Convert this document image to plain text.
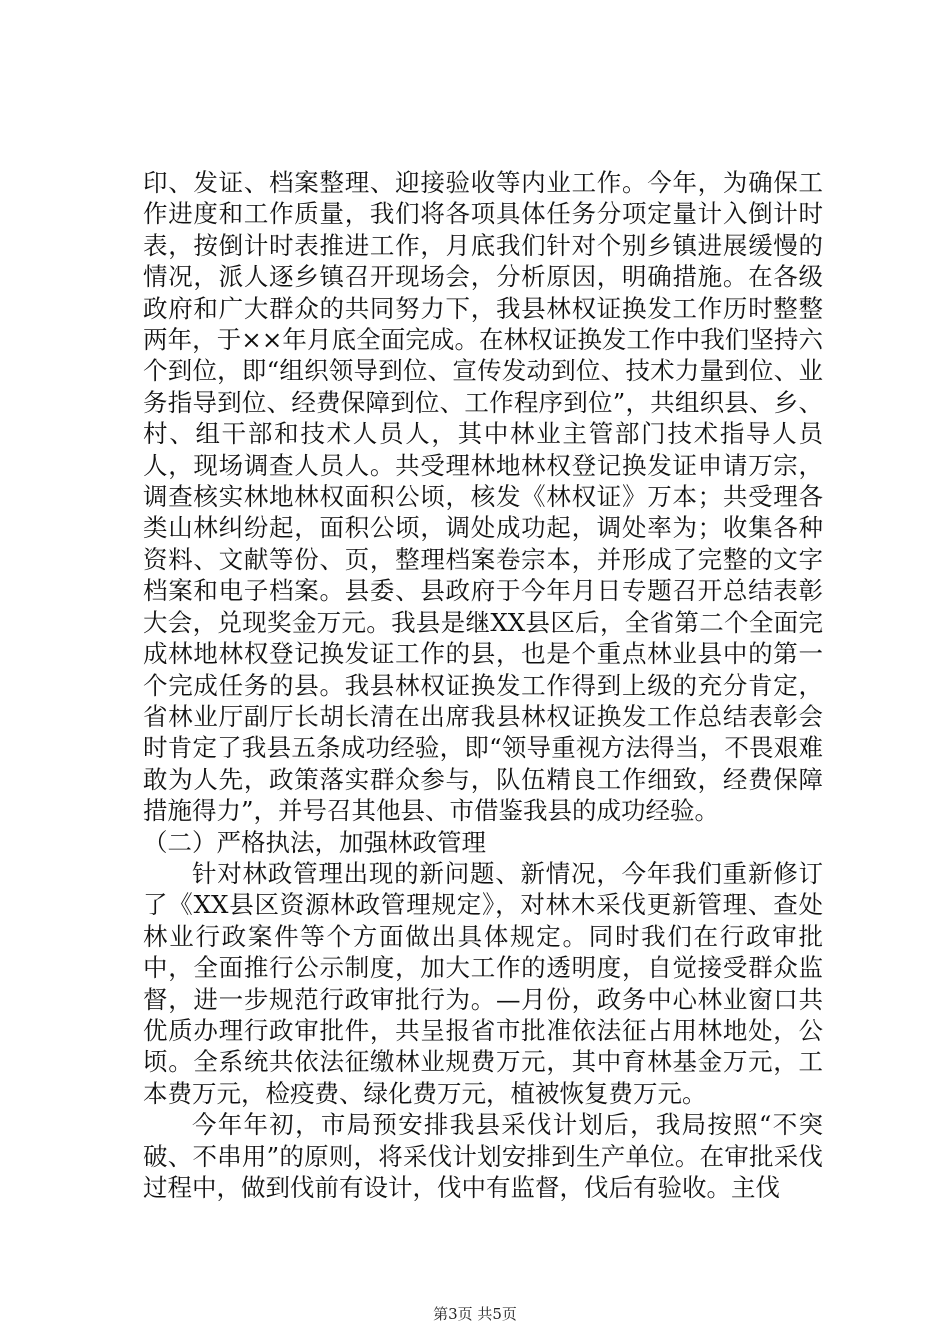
印、发证、档案整理、迎接验收等内业工作。今年，为确保工作进度和工作质量，我们将各项具体任务分项定量计入倒计时表，按倒计时表推进工作，月底我们针对个别乡镇进展缓慢的情况，派人逐乡镇召开现场会，分析原因，明确措施。在各级政府和广大群众的共同努力下，我县林权证换发工作历时整整两年，于××年月底全面完成。在林权证换发工作中我们坚持六个到位，即“组织领导到位、宣传发动到位、技术力量到位、业务指导到位、经费保障到位、工作程序到位”，共组织县、乡、村、组干部和技术人员人，其中林业主管部门技术指导人员人，现场调查人员人。共受理林地林权登记换发证申请万宗，调查核实林地林权面积公顷，核发《林权证》万本；共受理各类山林纠纷起，面积公顷，调处成功起，调处率为；收集各种资料、文献等份、页，整理档案卷宗本，并形成了完整的文字档案和电子档案。县委、县政府于今年月日专题召开总结表彰大会，兑现奖金万元。我县是继XX县区后，全省第二个全面完成林地林权登记换发证工作的县，也是个重点林业县中的第一个完成任务的县。我县林权证换发工作得到上级的充分肯定，省林业厅副厅长胡长清在出席我县林权证换发工作总结表彰会时肯定了我县五条成功经验，即“领导重视方法得当，不畏艰难敢为人先，政策落实群众参与，队伍精良工作细致，经费保障措施得力”，并号召其他县、市借鉴我县的成功经验。

（二）严格执法，加强林政管理

针对林政管理出现的新问题、新情况，今年我们重新修订了《XX县区资源林政管理规定》，对林木采伐更新管理、查处林业行政案件等个方面做出具体规定。同时我们在行政审批中，全面推行公示制度，加大工作的透明度，自觉接受群众监督，进一步规范行政审批行为。—月份，政务中心林业窗口共优质办理行政审批件，共呈报省市批准依法征占用林地处，公顷。全系统共依法征缴林业规费万元，其中育林基金万元，工本费万元，检疫费、绿化费万元，植被恢复费万元。

今年年初，市局预安排我县采伐计划后，我局按照“不突破、不串用”的原则，将采伐计划安排到生产单位。在审批采伐过程中，做到伐前有设计，伐中有监督，伐后有验收。主伐

第3页 共5页
